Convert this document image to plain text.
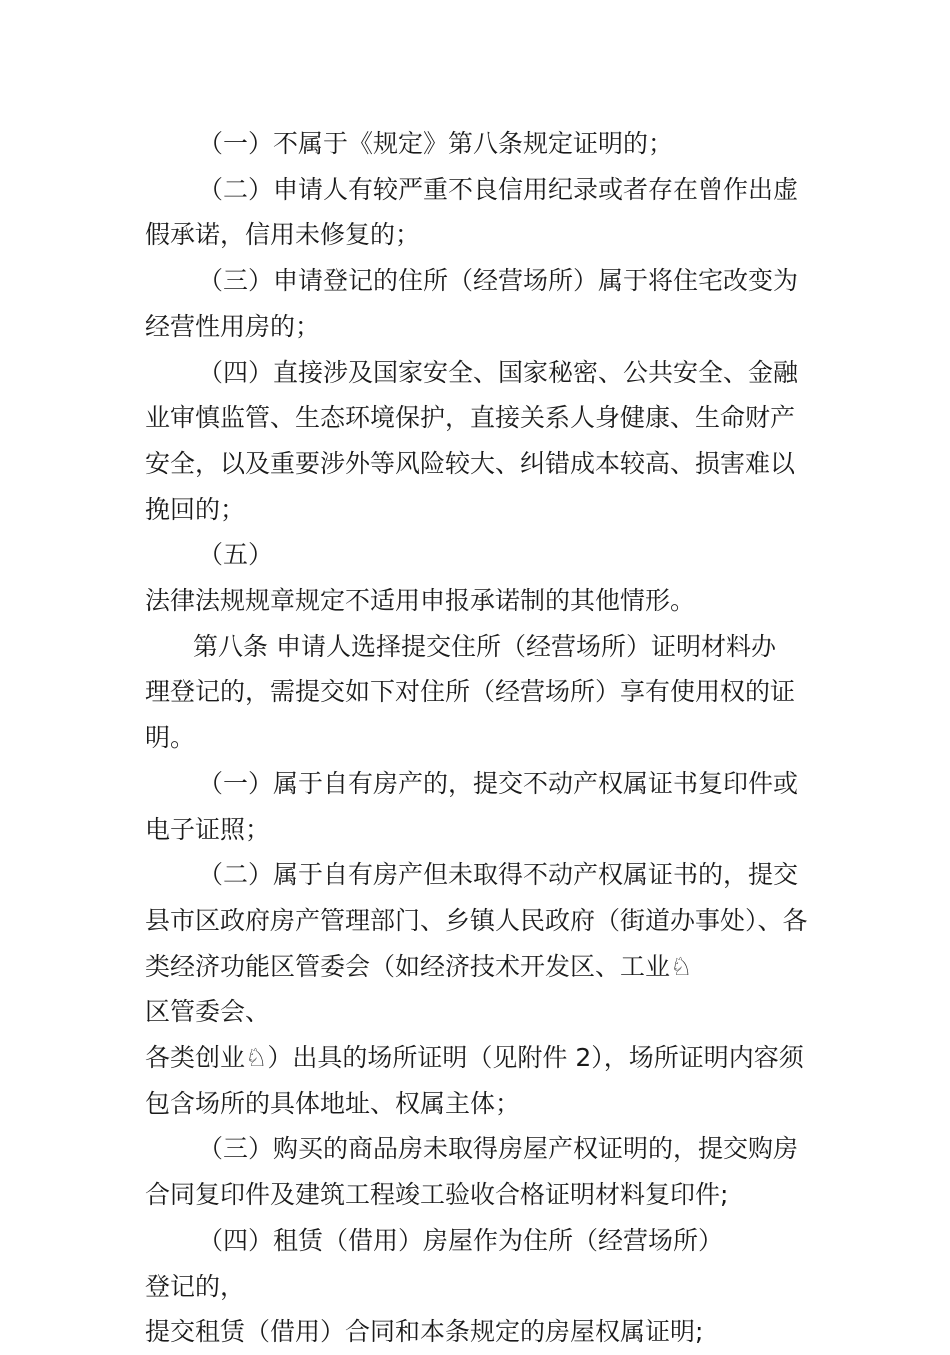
（一）不属于《规定》第八条规定证明的；

（二）申请人有较严重不良信用纪录或者存在曾作出虚
假承诺，信用未修复的；

（三）申请登记的住所（经营场所）属于将住宅改变为
经营性用房的；

（四）直接涉及国家安全、国家秘密、公共安全、金融
业审慎监管、生态环境保护，直接关系人身健康、生命财产
安全，以及重要涉外等风险较大、纠错成本较高、损害难以
挽回的；

（五）法律法规规章规定不适用申报承诺制的其他情形。

第八条 申请人选择提交住所（经营场所）证明材料办
理登记的，需提交如下对住所（经营场所）享有使用权的证
明。

（一）属于自有房产的，提交不动产权属证书复印件或
电子证照；

（二）属于自有房产但未取得不动产权属证书的，提交
县市区政府房产管理部门、乡镇人民政府（街道办事处）、各
类经济功能区管委会（如经济技术开发区、工业♘区管委会、
各类创业♘）出具的场所证明（见附件 2），场所证明内容须
包含场所的具体地址、权属主体；

（三）购买的商品房未取得房屋产权证明的，提交购房
合同复印件及建筑工程竣工验收合格证明材料复印件;

（四）租赁（借用）房屋作为住所（经营场所）登记的，
提交租赁（借用）合同和本条规定的房屋权属证明;
